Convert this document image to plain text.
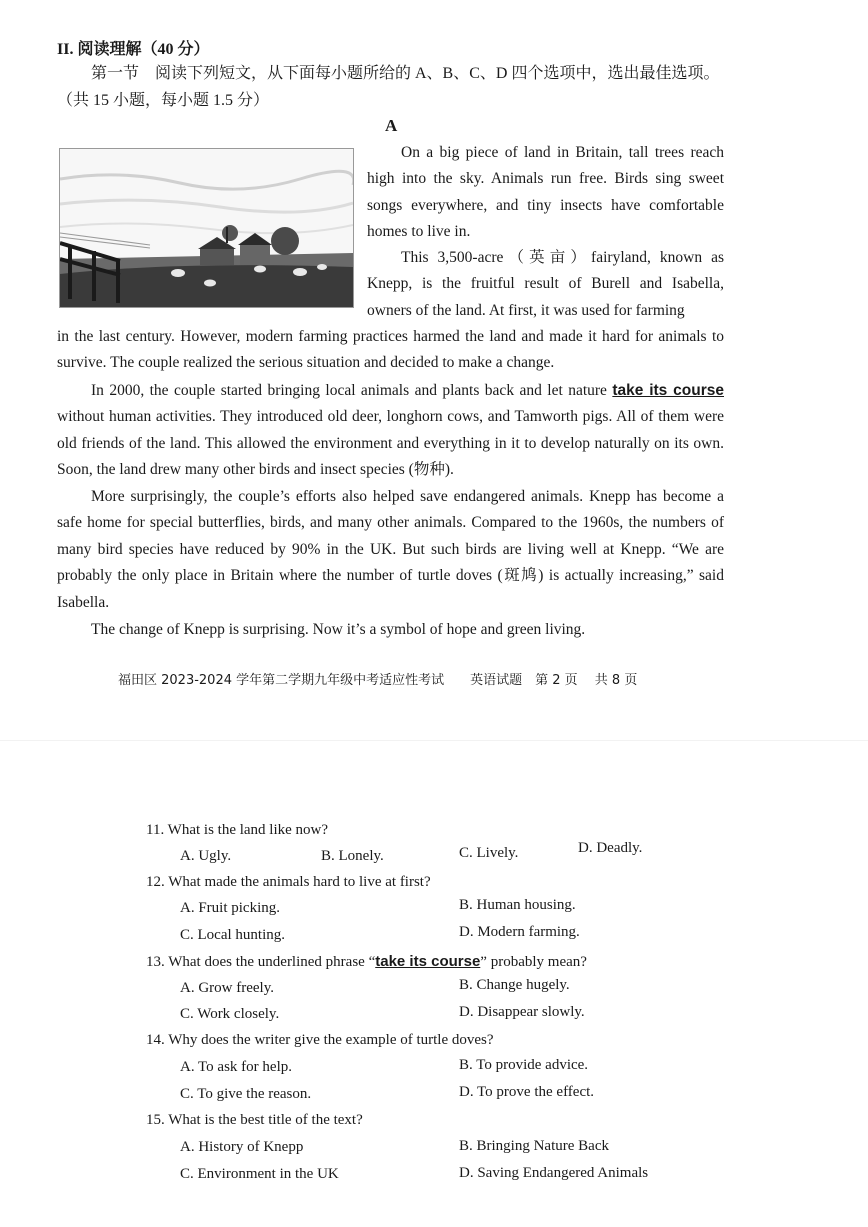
II. 阅读理解（40 分）

第一节　阅读下列短文，从下面每小题所给的 A、B、C、D 四个选项中，选出最佳选项。（共 15 小题，每小题 1.5 分）

A

On a big piece of land in Britain, tall trees reach high into the sky. Animals run free. Birds sing sweet songs everywhere, and tiny insects have comfortable homes to live in.

This 3,500-acre（英亩）fairyland, known as Knepp, is the fruitful result of Burell and Isabella, owners of the land. At first, it was used for farming

in the last century. However, modern farming practices harmed the land and made it hard for animals to survive. The couple realized the serious situation and decided to make a change.

In 2000, the couple started bringing local animals and plants back and let nature take its course without human activities. They introduced old deer, longhorn cows, and Tamworth pigs. All of them were old friends of the land. This allowed the environment and everything in it to develop naturally on its own. Soon, the land drew many other birds and insect species (物种).

More surprisingly, the couple’s efforts also helped save endangered animals. Knepp has become a safe home for special butterflies, birds, and many other animals. Compared to the 1960s, the numbers of many bird species have reduced by 90% in the UK. But such birds are living well at Knepp. “We are probably the only place in Britain where the number of turtle doves (斑鸠) is actually increasing,” said Isabella.

The change of Knepp is surprising. Now it’s a symbol of hope and green living.

福田区 2023-2024 学年第二学期九年级中考适应性考试　　英语试题　第 2 页　 共 8 页
11. What is the land like now?
A. Ugly.	B. Lonely.	C. Lively.	D. Deadly.
12. What made the animals hard to live at first?
A. Fruit picking.	B. Human housing.
C. Local hunting.	D. Modern farming.
13. What does the underlined phrase “take its course” probably mean?
A. Grow freely.	B. Change hugely.
C. Work closely.	D. Disappear slowly.
14. Why does the writer give the example of turtle doves?
A. To ask for help.	B. To provide advice.
C. To give the reason.	D. To prove the effect.
15. What is the best title of the text?
A. History of Knepp	B. Bringing Nature Back
C. Environment in the UK	D. Saving Endangered Animals
